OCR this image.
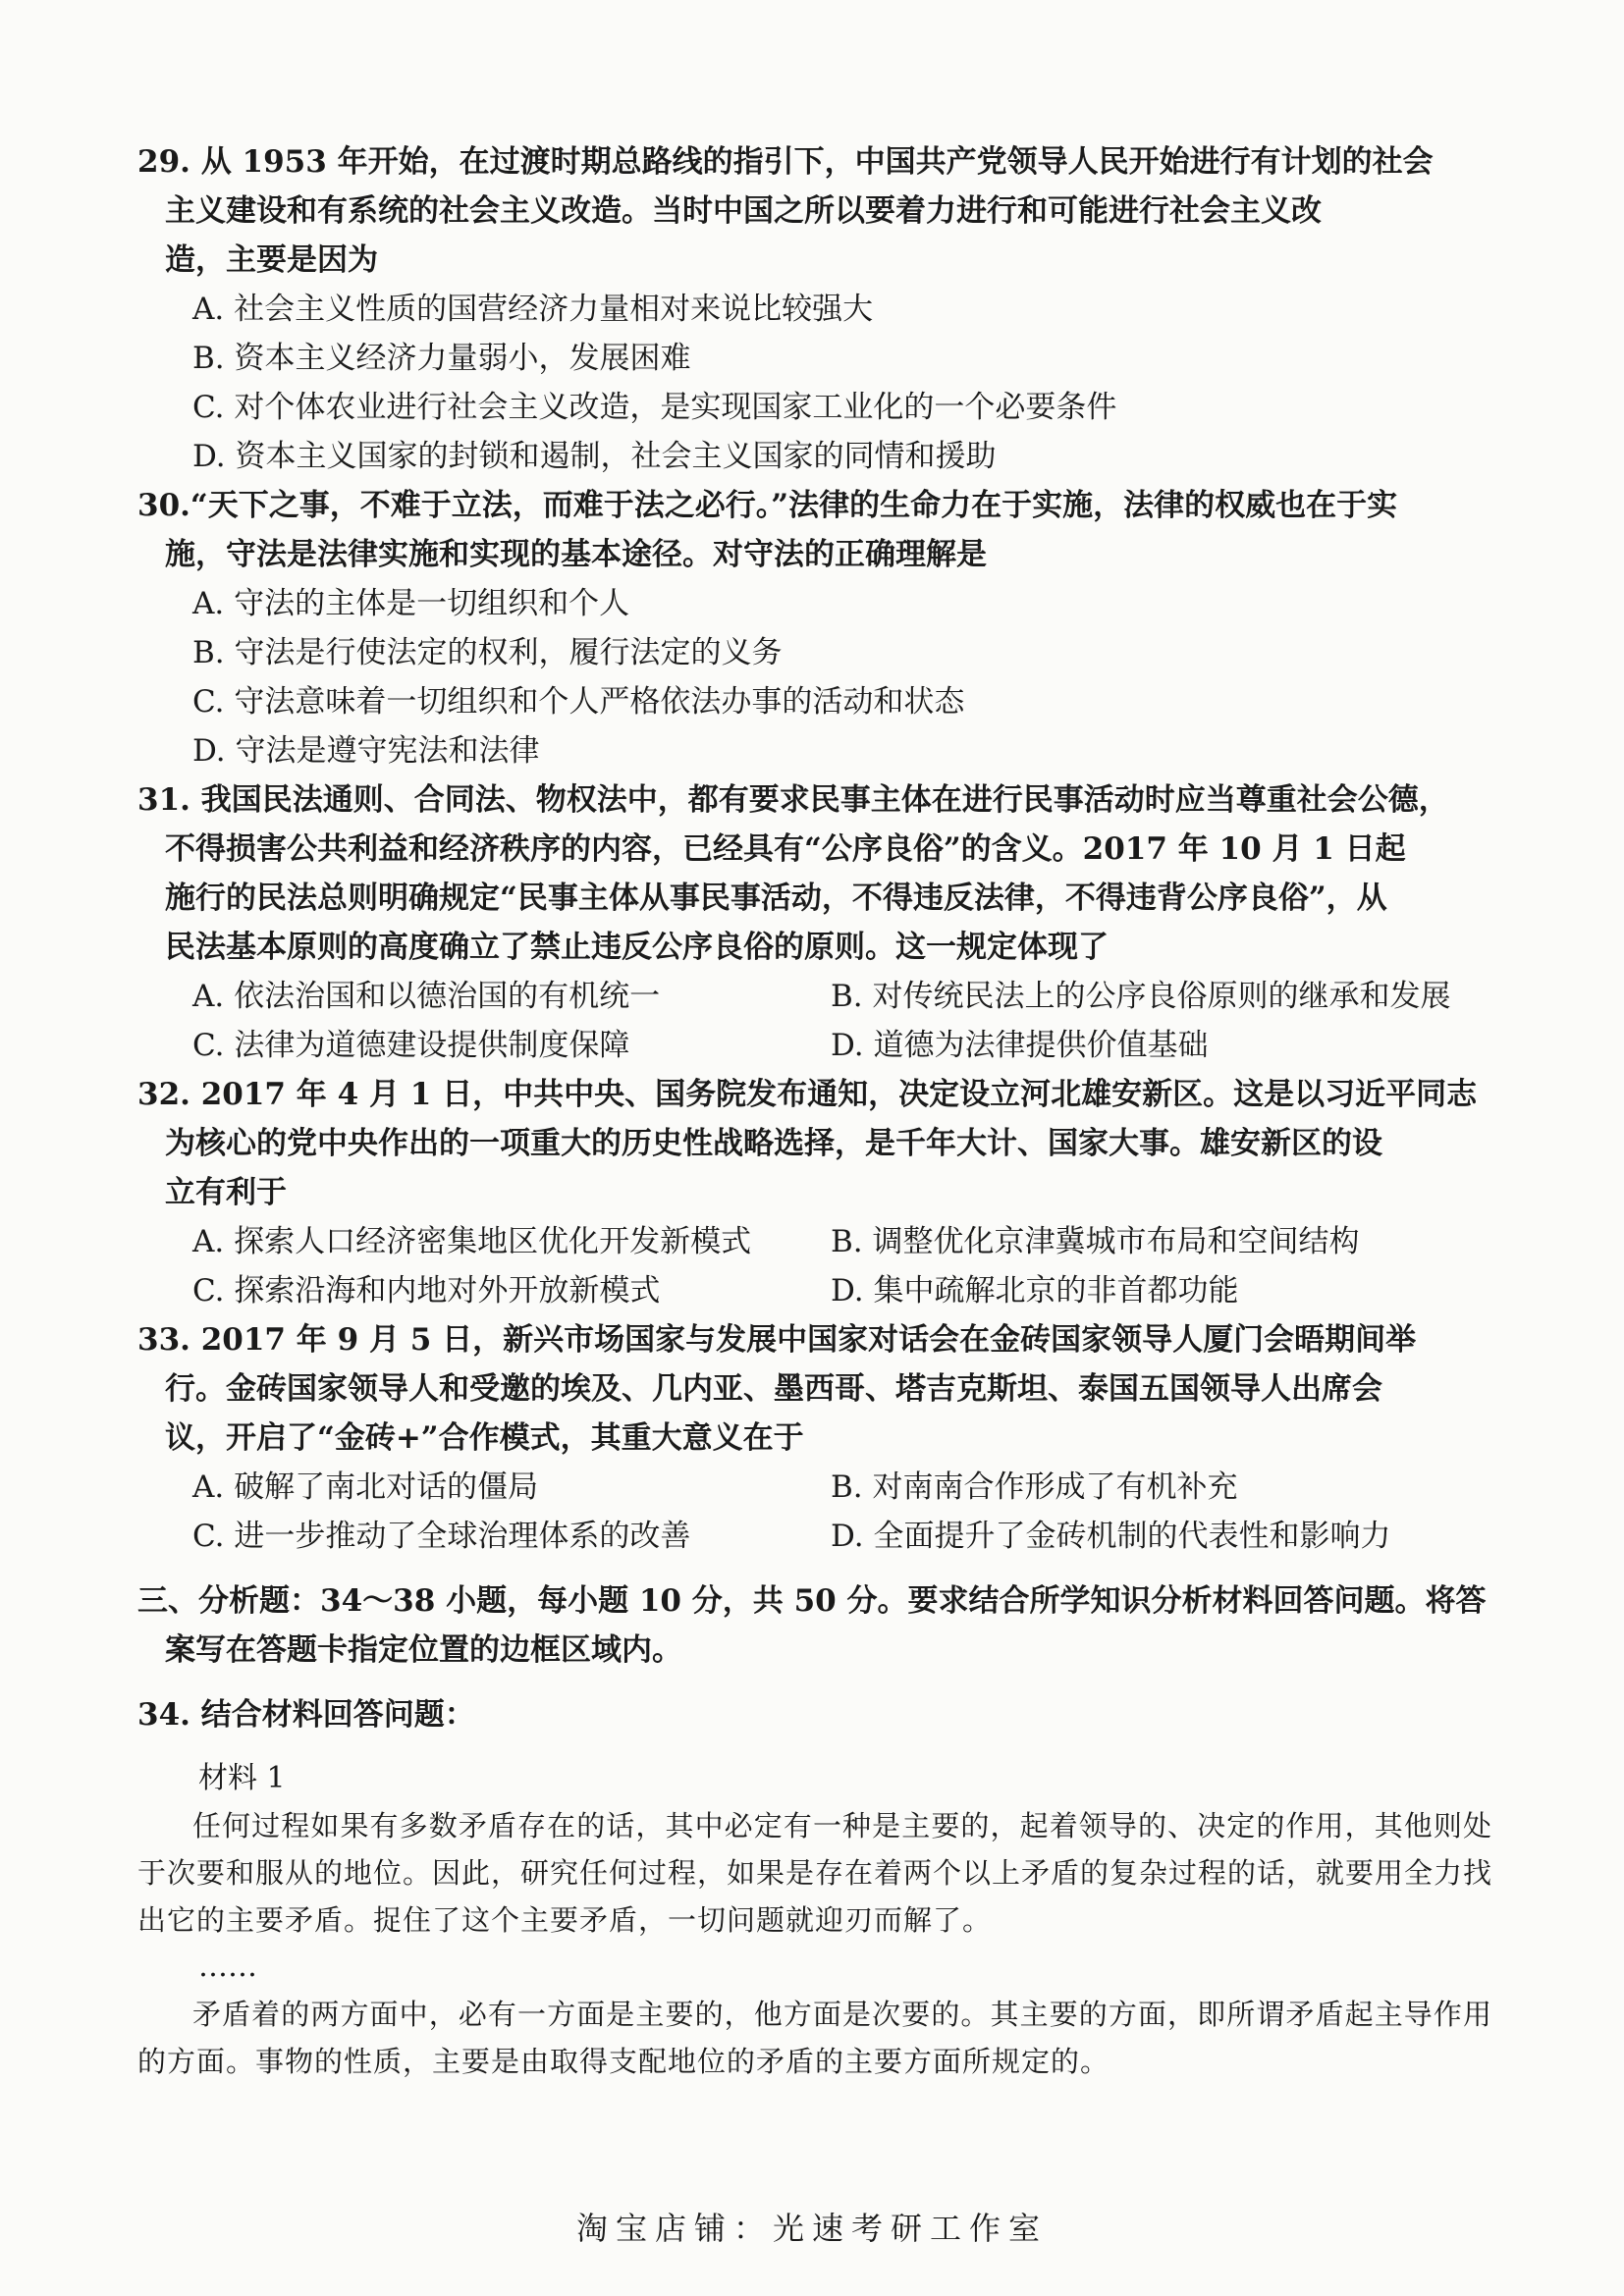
29. 从 1953 年开始，在过渡时期总路线的指引下，中国共产党领导人民开始进行有计划的社会
主义建设和有系统的社会主义改造。当时中国之所以要着力进行和可能进行社会主义改
造，主要是因为
A. 社会主义性质的国营经济力量相对来说比较强大
B. 资本主义经济力量弱小，发展困难
C. 对个体农业进行社会主义改造，是实现国家工业化的一个必要条件
D. 资本主义国家的封锁和遏制，社会主义国家的同情和援助
30.“天下之事，不难于立法，而难于法之必行。”法律的生命力在于实施，法律的权威也在于实
施，守法是法律实施和实现的基本途径。对守法的正确理解是
A. 守法的主体是一切组织和个人
B. 守法是行使法定的权利，履行法定的义务
C. 守法意味着一切组织和个人严格依法办事的活动和状态
D. 守法是遵守宪法和法律
31. 我国民法通则、合同法、物权法中，都有要求民事主体在进行民事活动时应当尊重社会公德，
不得损害公共利益和经济秩序的内容，已经具有“公序良俗”的含义。2017 年 10 月 1 日起
施行的民法总则明确规定“民事主体从事民事活动，不得违反法律，不得违背公序良俗”，从
民法基本原则的高度确立了禁止违反公序良俗的原则。这一规定体现了
A. 依法治国和以德治国的有机统一	B. 对传统民法上的公序良俗原则的继承和发展
C. 法律为道德建设提供制度保障	D. 道德为法律提供价值基础
32. 2017 年 4 月 1 日，中共中央、国务院发布通知，决定设立河北雄安新区。这是以习近平同志
为核心的党中央作出的一项重大的历史性战略选择，是千年大计、国家大事。雄安新区的设
立有利于
A. 探索人口经济密集地区优化开发新模式	B. 调整优化京津冀城市布局和空间结构
C. 探索沿海和内地对外开放新模式	D. 集中疏解北京的非首都功能
33. 2017 年 9 月 5 日，新兴市场国家与发展中国家对话会在金砖国家领导人厦门会晤期间举
行。金砖国家领导人和受邀的埃及、几内亚、墨西哥、塔吉克斯坦、泰国五国领导人出席会
议，开启了“金砖+”合作模式，其重大意义在于
A. 破解了南北对话的僵局	B. 对南南合作形成了有机补充
C. 进一步推动了全球治理体系的改善	D. 全面提升了金砖机制的代表性和影响力
三、分析题：34～38 小题，每小题 10 分，共 50 分。要求结合所学知识分析材料回答问题。将答
案写在答题卡指定位置的边框区域内。
34. 结合材料回答问题：
材料 1
任何过程如果有多数矛盾存在的话，其中必定有一种是主要的，起着领导的、决定的作用，其他则处于次要和服从的地位。因此，研究任何过程，如果是存在着两个以上矛盾的复杂过程的话，就要用全力找出它的主要矛盾。捉住了这个主要矛盾，一切问题就迎刃而解了。
……
矛盾着的两方面中，必有一方面是主要的，他方面是次要的。其主要的方面，即所谓矛盾起主导作用的方面。事物的性质，主要是由取得支配地位的矛盾的主要方面所规定的。
淘宝店铺：光速考研工作室
